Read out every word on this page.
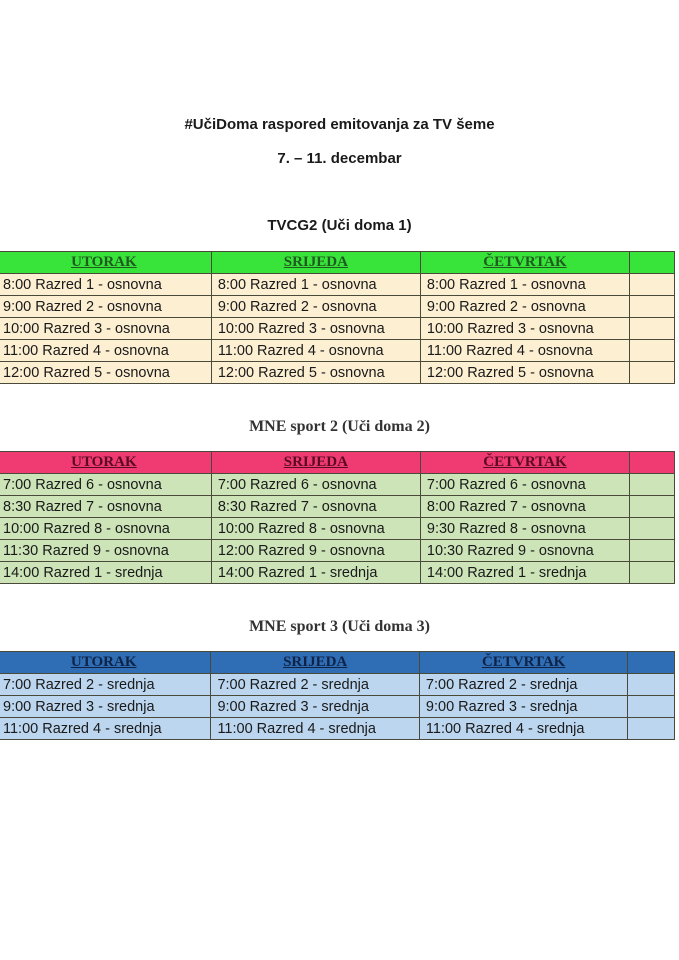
#UčiDoma raspored emitovanja za TV šeme
7. – 11. decembar
TVCG2 (Uči doma 1)
UTORAK	SRIJEDA	ČETVRTAK	
8:00 Razred 1 - osnovna	8:00 Razred 1 - osnovna	8:00 Razred 1 - osnovna	
9:00 Razred 2 - osnovna	9:00 Razred 2 - osnovna	9:00 Razred 2 - osnovna	
10:00 Razred 3 - osnovna	10:00 Razred 3 - osnovna	10:00 Razred 3 - osnovna	
11:00 Razred 4 - osnovna	11:00 Razred 4 - osnovna	11:00 Razred 4 - osnovna	
12:00 Razred 5 - osnovna	12:00 Razred 5 - osnovna	12:00 Razred 5 - osnovna	
MNE sport 2 (Uči doma 2)
UTORAK	SRIJEDA	ČETVRTAK	
7:00 Razred 6 - osnovna	7:00 Razred 6 - osnovna	7:00 Razred 6 - osnovna	
8:30 Razred 7 - osnovna	8:30 Razred 7 - osnovna	8:00 Razred 7 - osnovna	
10:00 Razred 8 - osnovna	10:00 Razred 8 - osnovna	9:30 Razred 8 - osnovna	
11:30 Razred 9 - osnovna	12:00 Razred 9 - osnovna	10:30 Razred 9 - osnovna	
14:00 Razred 1 - srednja	14:00 Razred 1 - srednja	14:00 Razred 1 - srednja	
MNE sport 3 (Uči doma 3)
UTORAK	SRIJEDA	ČETVRTAK	
7:00 Razred 2 - srednja	7:00 Razred 2 - srednja	7:00 Razred 2 - srednja	
9:00 Razred 3 - srednja	9:00 Razred 3 - srednja	9:00 Razred 3 - srednja	
11:00 Razred 4 - srednja	11:00 Razred 4 - srednja	11:00 Razred 4 - srednja	
